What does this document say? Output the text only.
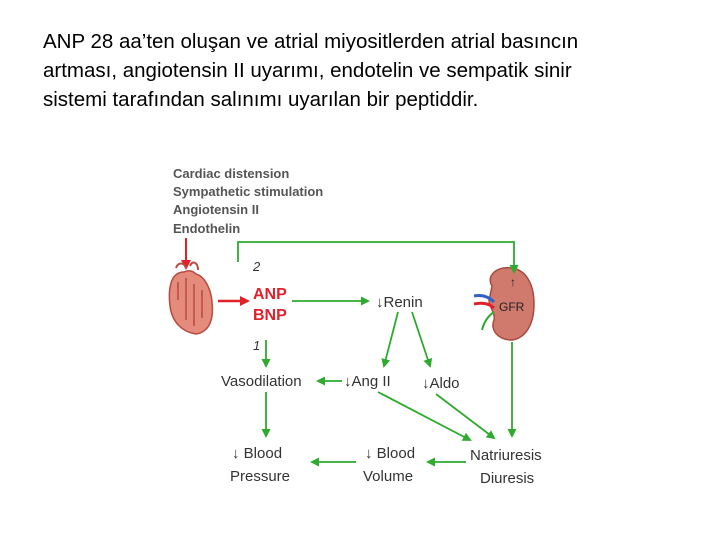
ANP 28 aa’ten oluşan ve atrial miyositlerden atrial basıncın
artması, angiotensin II uyarımı, endotelin ve sempatik sinir
sistemi tarafından salınımı uyarılan bir peptiddir.
Cardiac distension
Sympathetic stimulation
Angiotensin II
Endothelin
2
1
ANP
BNP
↑
GFR
↓Renin
Vasodilation	↓Ang II ↓Aldo
↓ Blood
Pressure
↓ Blood
Volume
Natriuresis
Diuresis
